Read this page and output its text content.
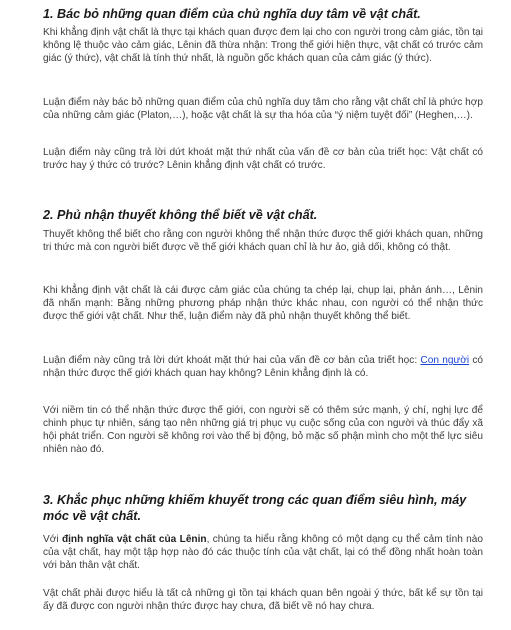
1. Bác bỏ những quan điểm của chủ nghĩa duy tâm về vật chất.

Khi khẳng định vật chất là thực tại khách quan được đem lại cho con người trong cảm giác, tồn tại không lệ thuộc vào cảm giác, Lênin đã thừa nhận: Trong thế giới hiện thực, vật chất có trước cảm giác (ý thức), vật chất là tính thứ nhất, là nguồn gốc khách quan của cảm giác (ý thức).

Luận điểm này bác bỏ những quan điểm của chủ nghĩa duy tâm cho rằng vật chất chỉ là phức hợp của những cảm giác (Platon,…), hoặc vật chất là sự tha hóa của “ý niệm tuyệt đối” (Heghen,…).

Luận điểm này cũng trả lời dứt khoát mặt thứ nhất của vấn đề cơ bản của triết học: Vật chất có trước hay ý thức có trước? Lênin khẳng định vật chất có trước.

2. Phủ nhận thuyết không thể biết về vật chất.

Thuyết không thể biết cho rằng con người không thể nhận thức được thế giới khách quan, những tri thức mà con người biết được về thế giới khách quan chỉ là hư ảo, giả dối, không có thật.

Khi khẳng định vật chất là cái được cảm giác của chúng ta chép lại, chụp lại, phản ánh…, Lênin đã nhấn mạnh: Bằng những phương pháp nhận thức khác nhau, con người có thể nhận thức được thế giới vật chất. Như thế, luận điểm này đã phủ nhận thuyết không thể biết.

Luận điểm này cũng trả lời dứt khoát mặt thứ hai của vấn đề cơ bản của triết học: Con người có nhận thức được thế giới khách quan hay không? Lênin khẳng định là có.

Với niềm tin có thể nhận thức được thế giới, con người sẽ có thêm sức mạnh, ý chí, nghị lực để chinh phục tự nhiên, sáng tạo nên những giá trị phục vụ cuộc sống của con người và thúc đẩy xã hội phát triển. Con người sẽ không rơi vào thế bị động, bỏ mặc số phận mình cho một thế lực siêu nhiên nào đó.

3. Khắc phục những khiếm khuyết trong các quan điểm siêu hình, máy móc về vật chất.

Với định nghĩa vật chất của Lênin, chúng ta hiểu rằng không có một dạng cụ thể cảm tính nào của vật chất, hay một tập hợp nào đó các thuộc tính của vật chất, lại có thể đồng nhất hoàn toàn với bản thân vật chất.

Vật chất phải được hiểu là tất cả những gì tồn tại khách quan bên ngoài ý thức, bất kể sự tồn tại ấy đã được con người nhận thức được hay chưa, đã biết về nó hay chưa.
